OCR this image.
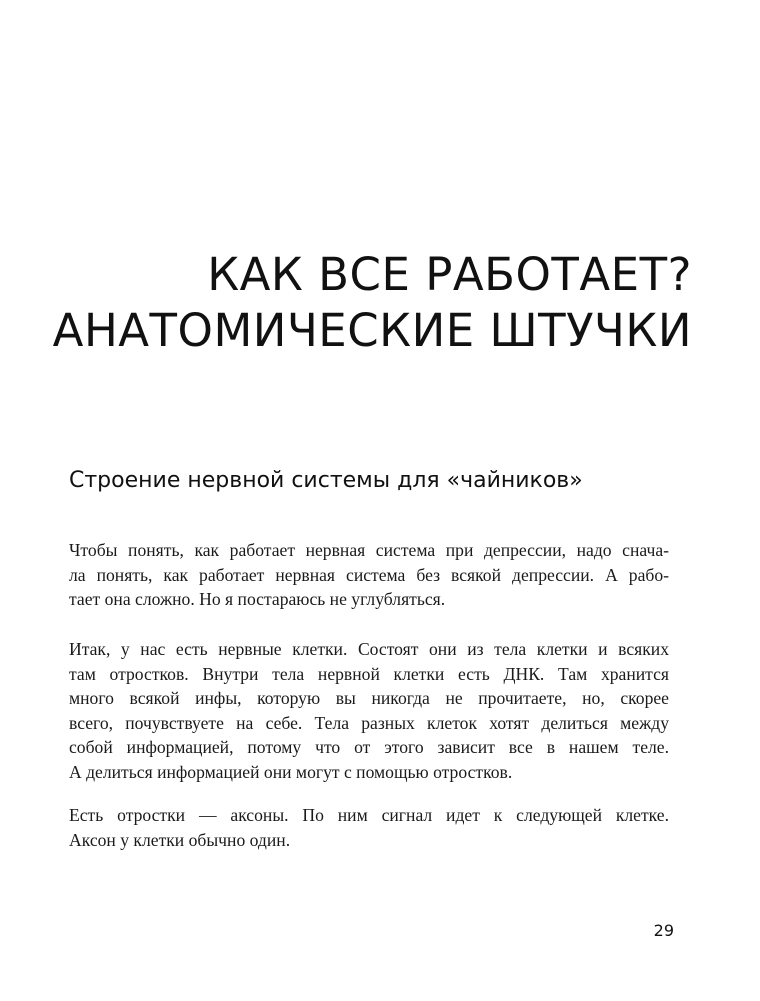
КАК ВСЕ РАБОТАЕТ?
АНАТОМИЧЕСКИЕ ШТУЧКИ
Строение нервной системы для «чайников»

Чтобы понять, как работает нервная система при депрессии, надо снача-
ла понять, как работает нервная система без всякой депрессии. А рабо-
тает она сложно. Но я постараюсь не углубляться.

Итак, у нас есть нервные клетки. Состоят они из тела клетки и всяких
там отростков. Внутри тела нервной клетки есть ДНК. Там хранится
много всякой инфы, которую вы никогда не прочитаете, но, скорее
всего, почувствуете на себе. Тела разных клеток хотят делиться между
собой информацией, потому что от этого зависит все в нашем теле.
А делиться информацией они могут с помощью отростков.

Есть отростки — аксоны. По ним сигнал идет к следующей клетке.
Аксон у клетки обычно один.

29
